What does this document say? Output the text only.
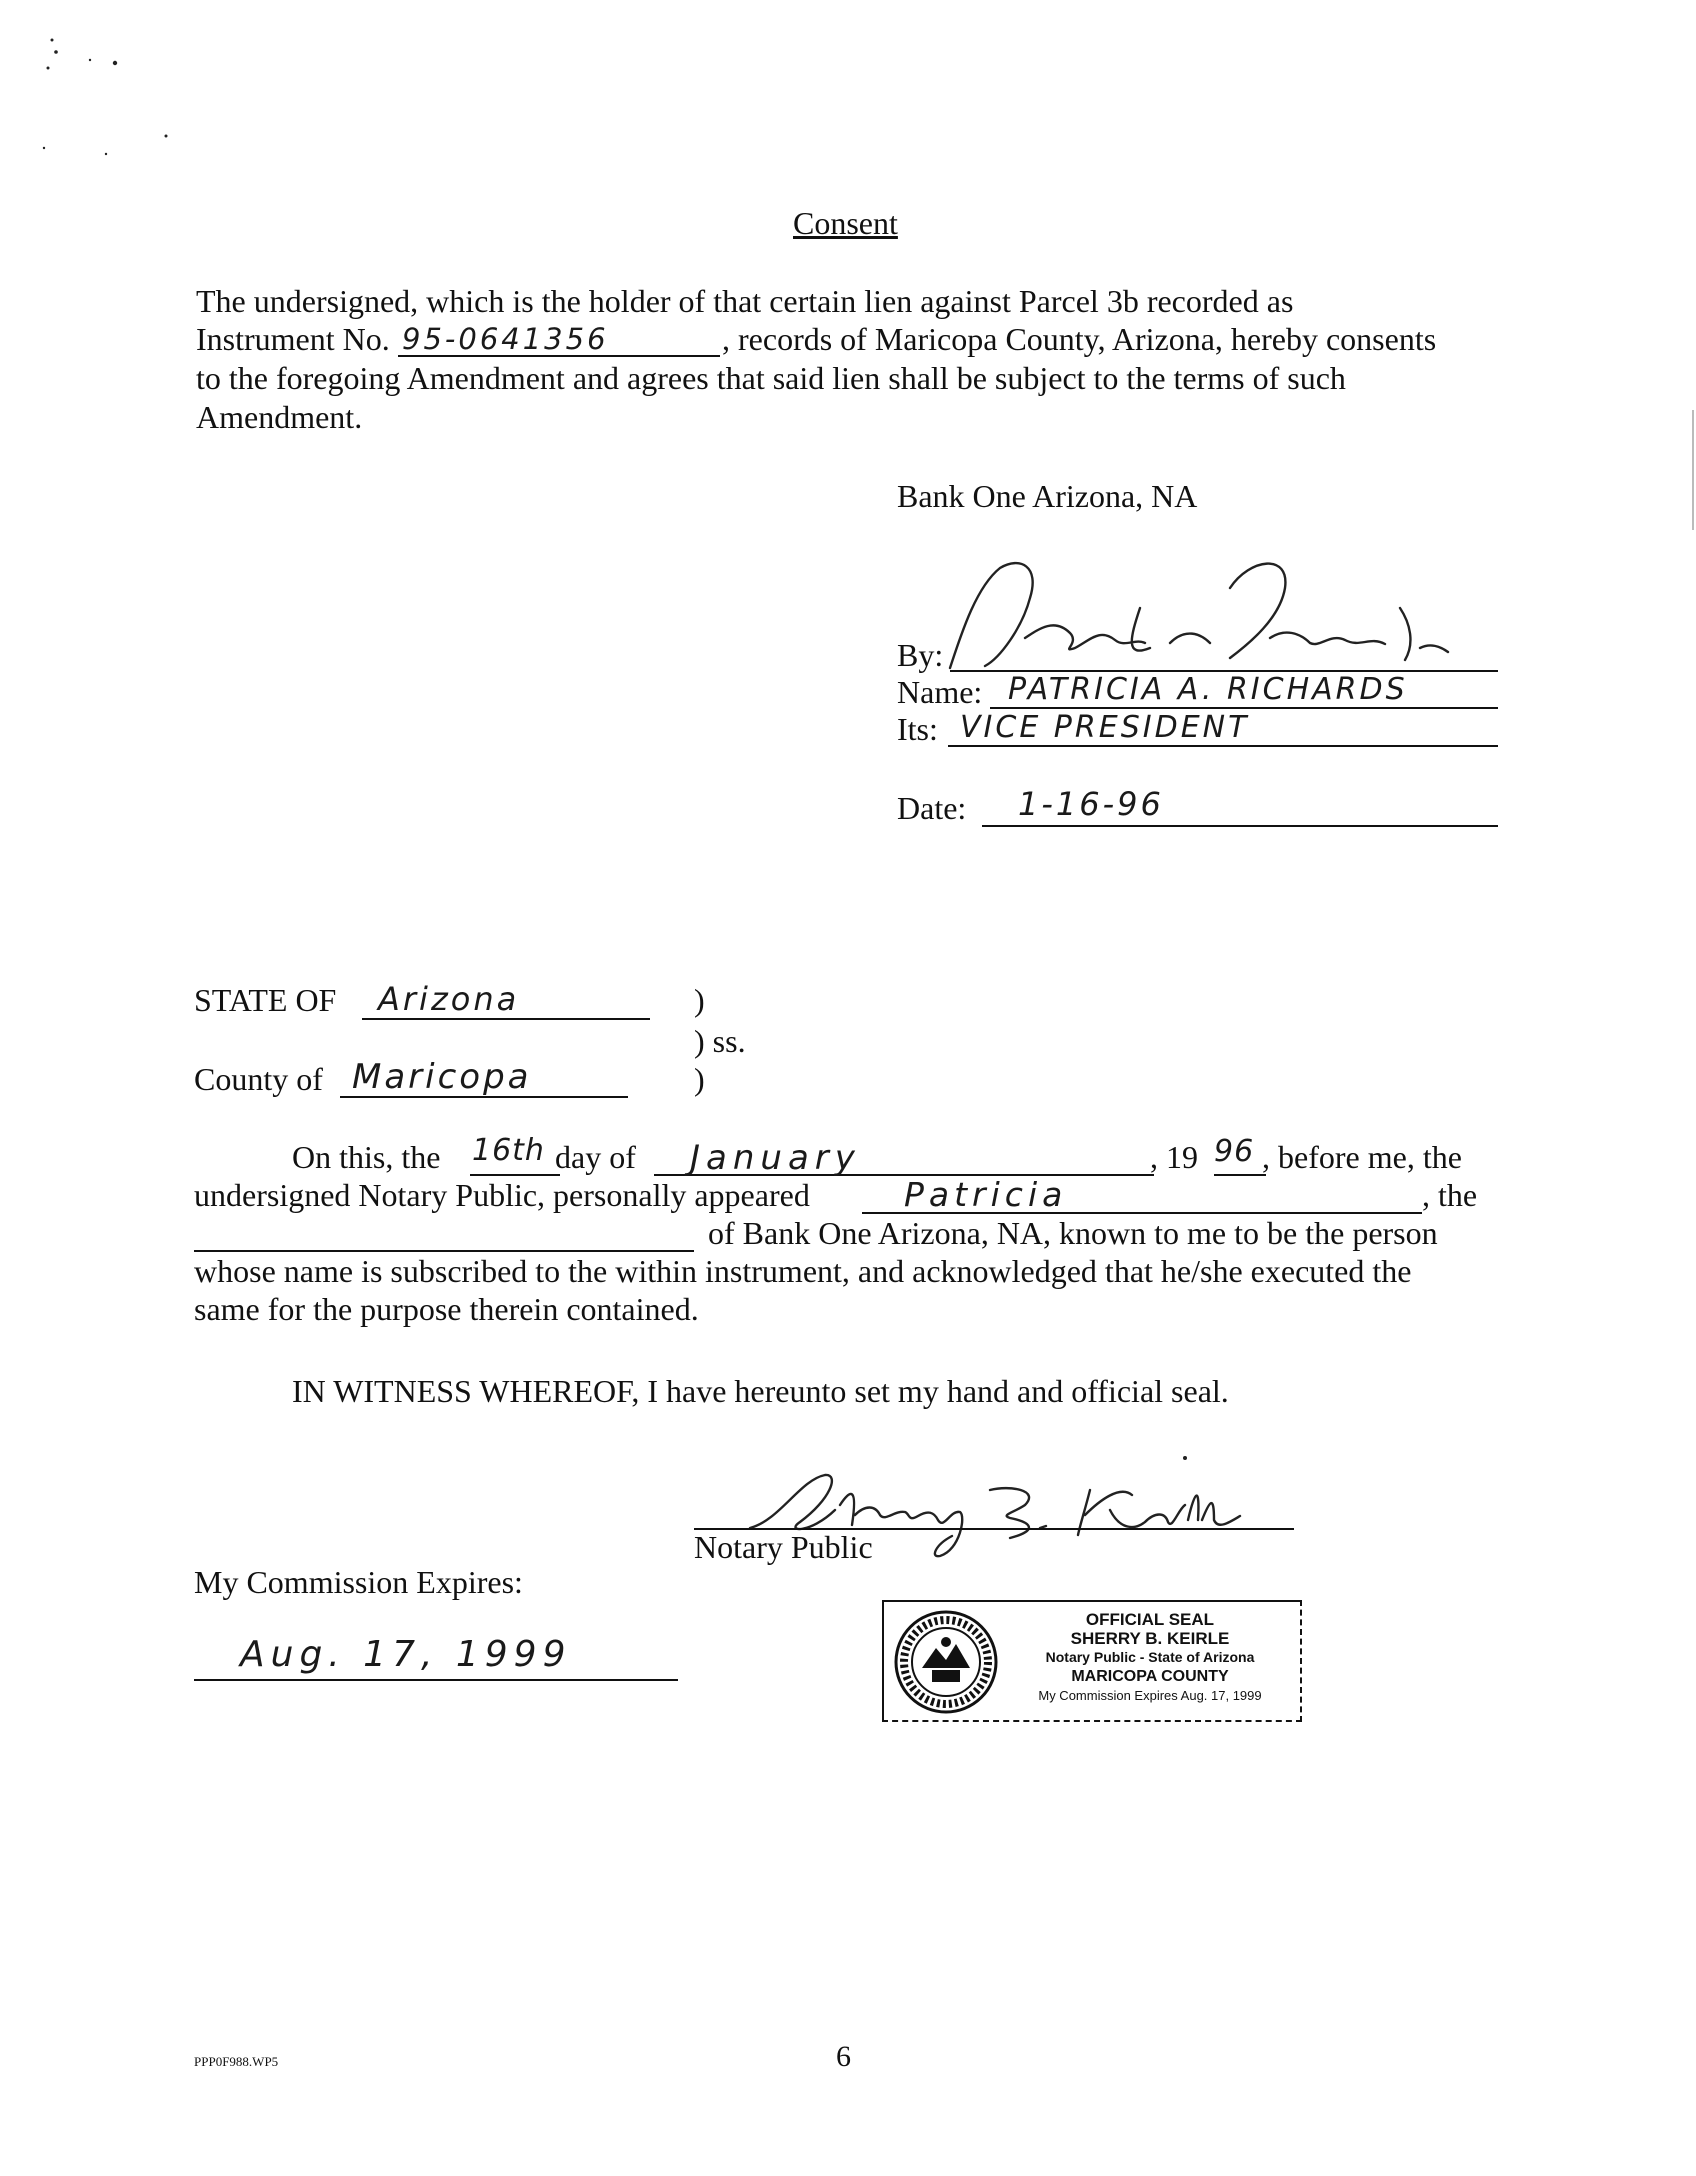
Consent
The undersigned, which is the holder of that certain lien against Parcel 3b recorded as
Instrument No. 95-0641356	, records of Maricopa County, Arizona, hereby consents
to the foregoing Amendment and agrees that said lien shall be subject to the terms of such
Amendment.
Bank One Arizona, NA
By:
Name: PATRICIA A. RICHARDS
Its: VICE PRESIDENT
Date: 1-16-96
STATE OF Arizona	)
) ss.
County of Maricopa	)
On this, the 16th day of January	, 19 96 , before me, the
undersigned Notary Public, personally appeared	Patricia	, the
of Bank One Arizona, NA, known to me to be the person
whose name is subscribed to the within instrument, and acknowledged that he/she executed the
same for the purpose therein contained.
IN WITNESS WHEREOF, I have hereunto set my hand and official seal.
Notary Public
My Commission Expires:
Aug. 17, 1999
OFFICIAL SEAL
SHERRY B. KEIRLE
Notary Public - State of Arizona
MARICOPA COUNTY
My Commission Expires Aug. 17, 1999
PPP0F988.WP5	6
